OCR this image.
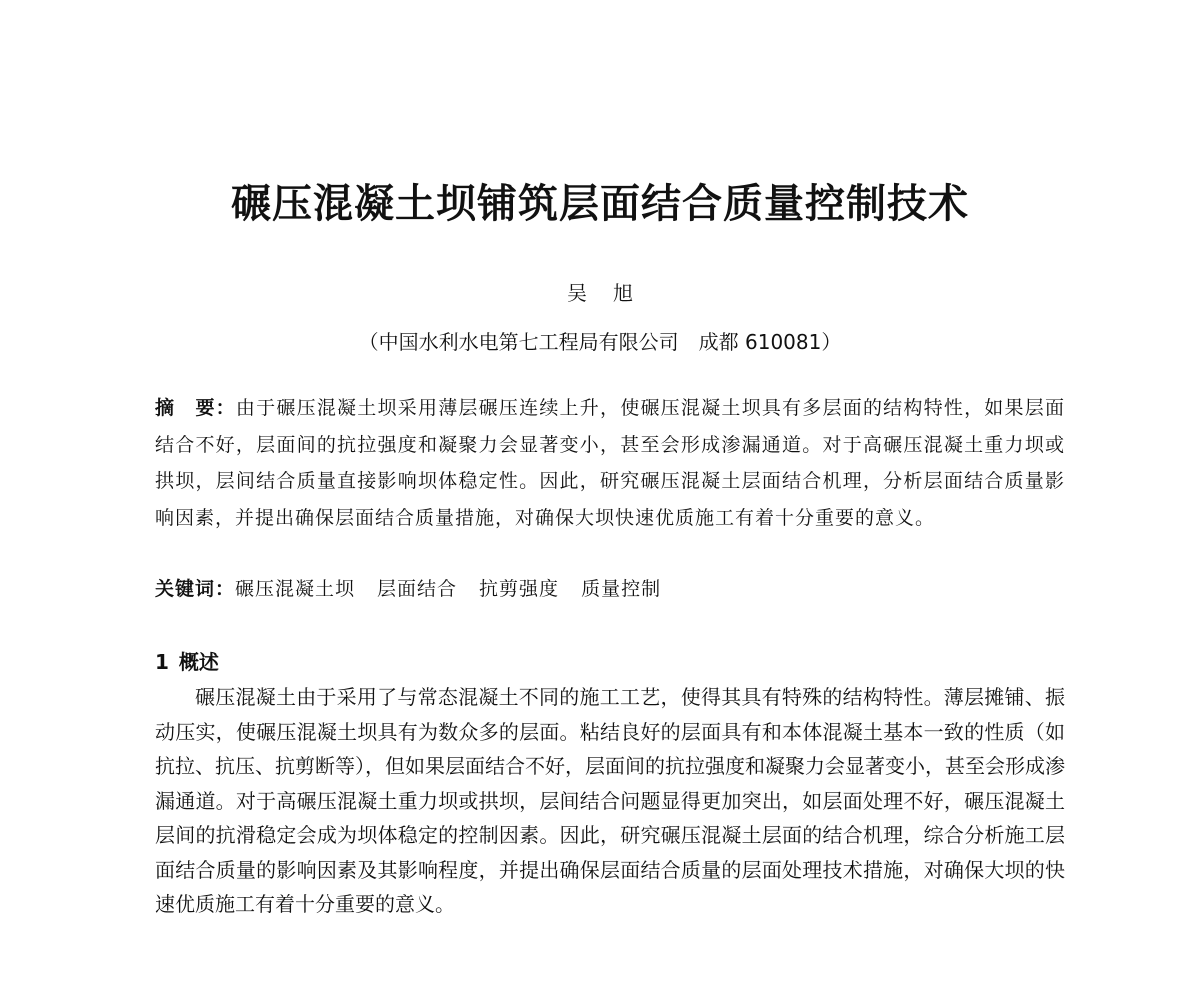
碾压混凝土坝铺筑层面结合质量控制技术
吴旭
（中国水利水电第七工程局有限公司　成都 610081）
摘　要：由于碾压混凝土坝采用薄层碾压连续上升，使碾压混凝土坝具有多层面的结构特性，如果层面结合不好，层面间的抗拉强度和凝聚力会显著变小，甚至会形成渗漏通道。对于高碾压混凝土重力坝或拱坝，层间结合质量直接影响坝体稳定性。因此，研究碾压混凝土层面结合机理，分析层面结合质量影响因素，并提出确保层面结合质量措施，对确保大坝快速优质施工有着十分重要的意义。
关键词：碾压混凝土坝 层面结合 抗剪强度 质量控制
1 概述
碾压混凝土由于采用了与常态混凝土不同的施工工艺，使得其具有特殊的结构特性。薄层摊铺、振动压实，使碾压混凝土坝具有为数众多的层面。粘结良好的层面具有和本体混凝土基本一致的性质（如抗拉、抗压、抗剪断等），但如果层面结合不好，层面间的抗拉强度和凝聚力会显著变小，甚至会形成渗漏通道。对于高碾压混凝土重力坝或拱坝，层间结合问题显得更加突出，如层面处理不好，碾压混凝土层间的抗滑稳定会成为坝体稳定的控制因素。因此，研究碾压混凝土层面的结合机理，综合分析施工层面结合质量的影响因素及其影响程度，并提出确保层面结合质量的层面处理技术措施，对确保大坝的快速优质施工有着十分重要的意义。
